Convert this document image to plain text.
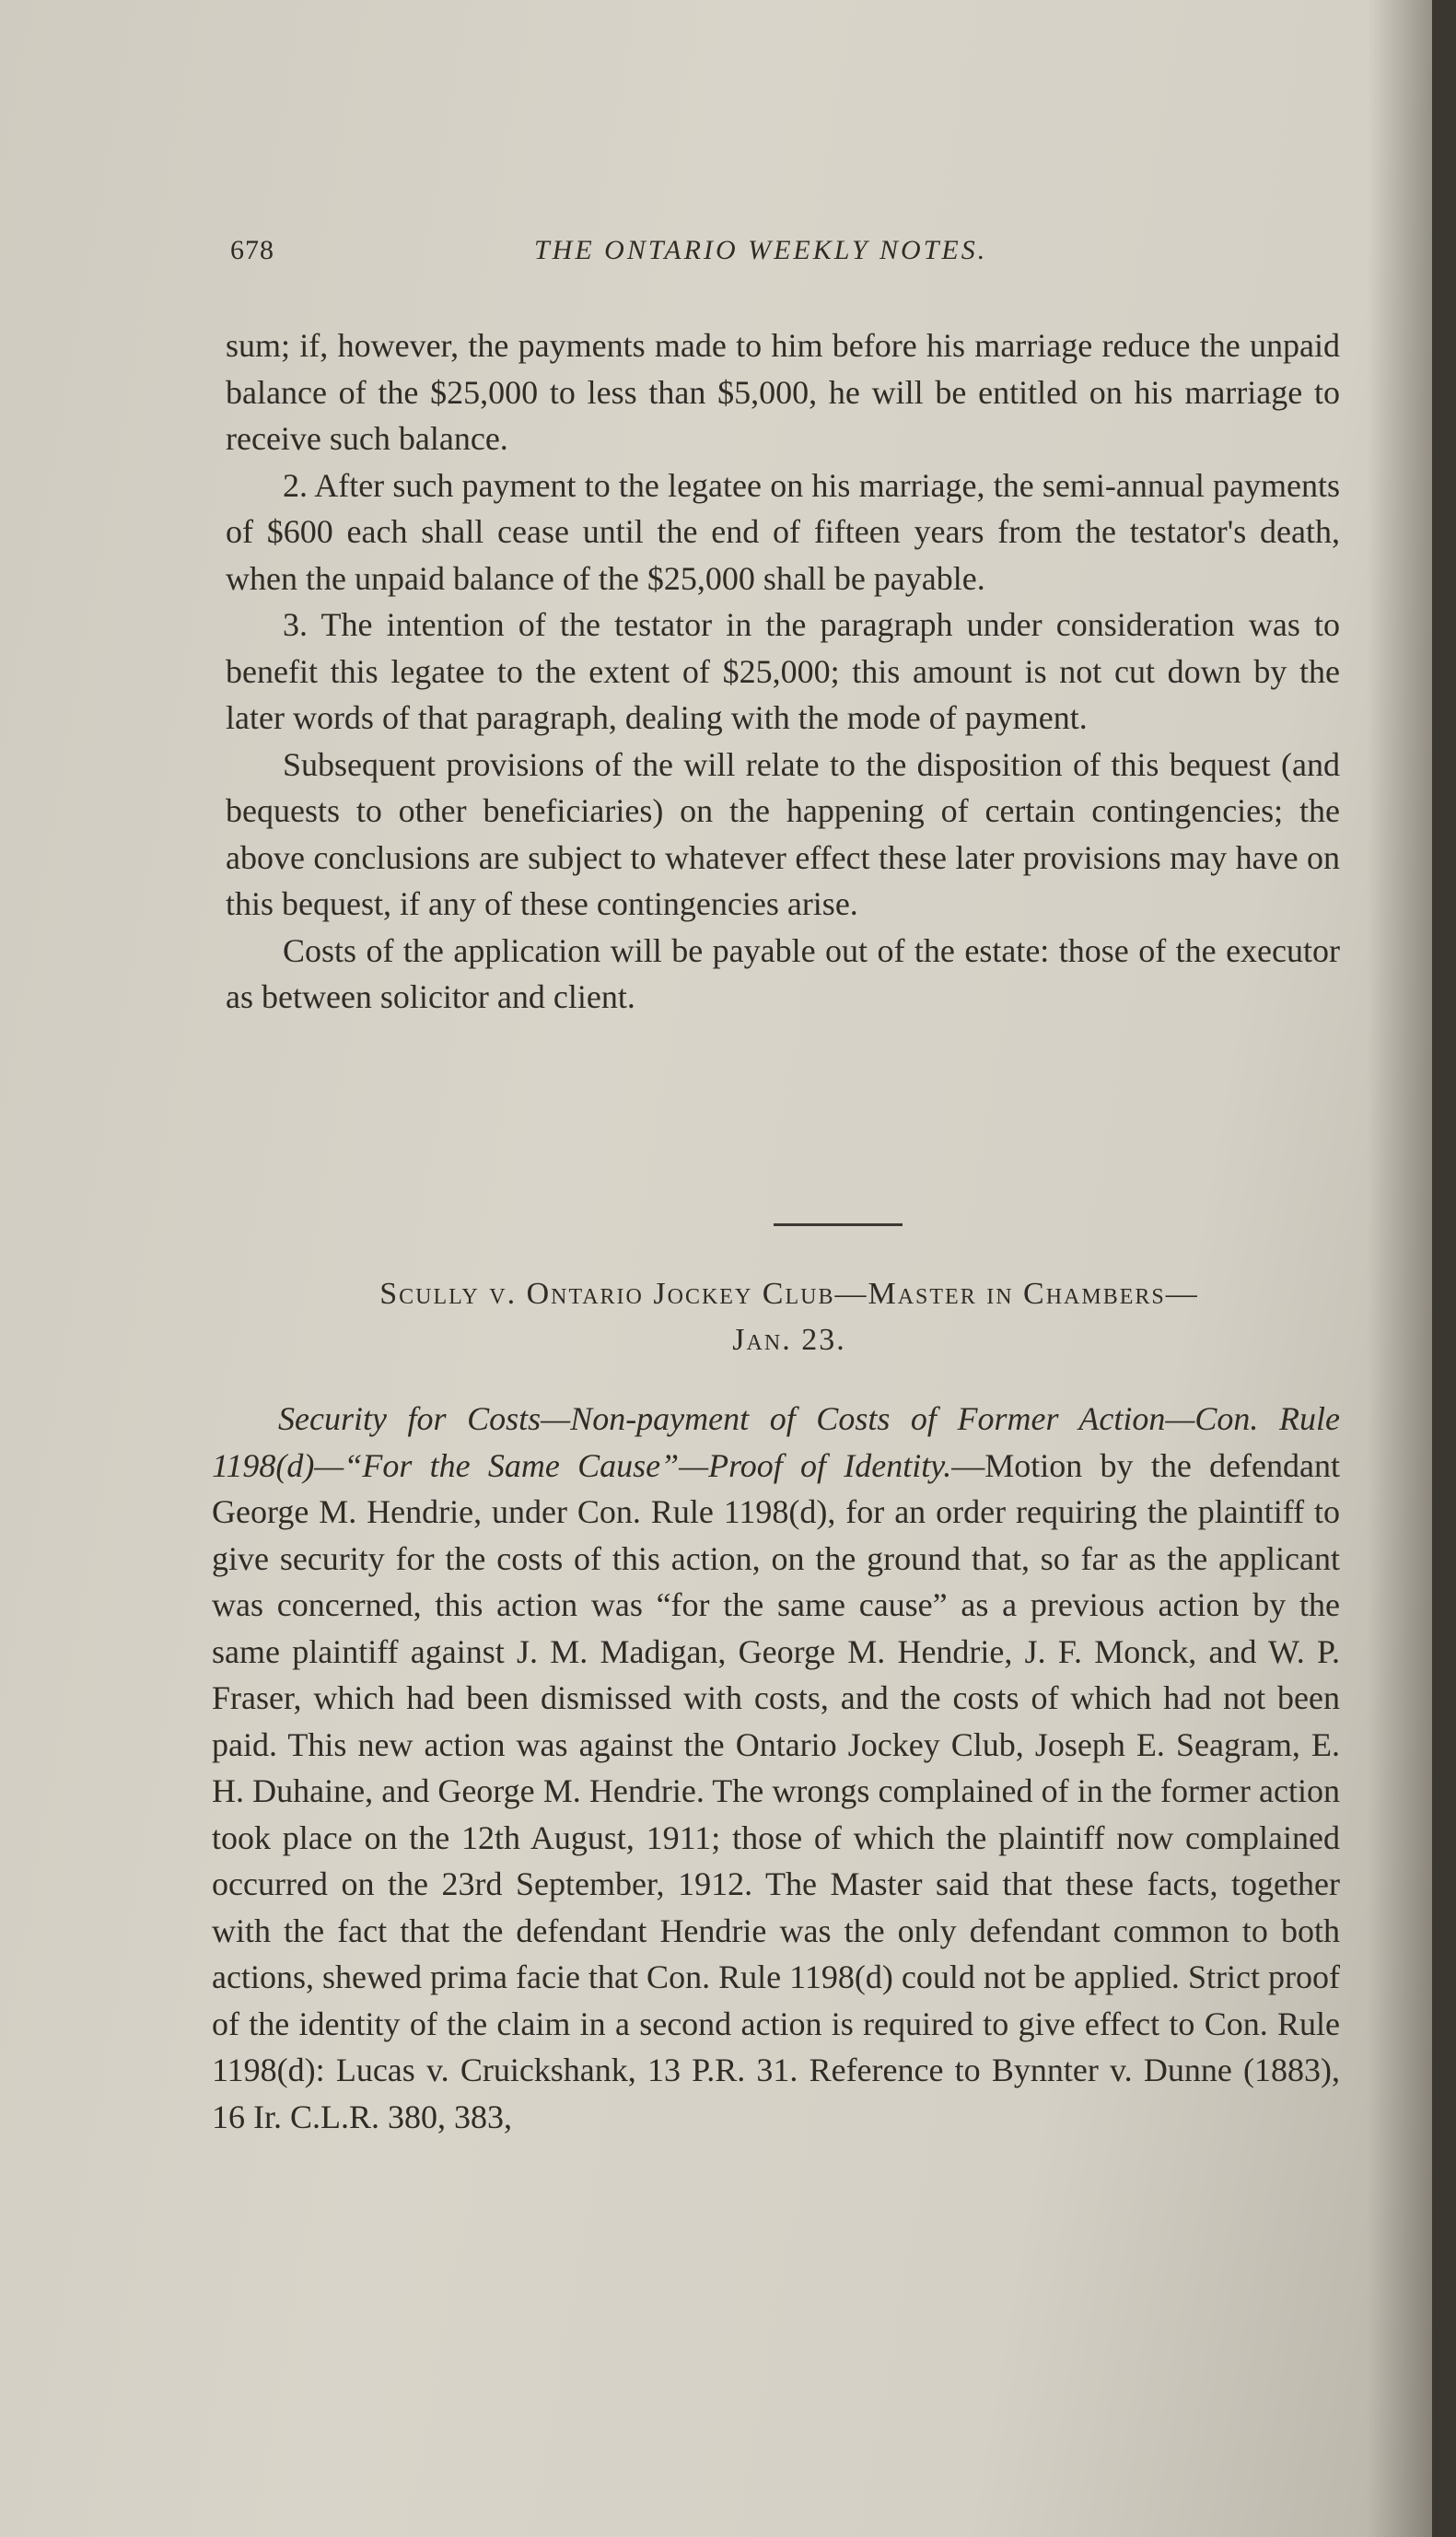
678	THE ONTARIO WEEKLY NOTES.

sum; if, however, the payments made to him before his marriage reduce the unpaid balance of the $25,000 to less than $5,000, he will be entitled on his marriage to receive such balance.

2. After such payment to the legatee on his marriage, the semi-annual payments of $600 each shall cease until the end of fifteen years from the testator's death, when the unpaid balance of the $25,000 shall be payable.

3. The intention of the testator in the paragraph under consideration was to benefit this legatee to the extent of $25,000; this amount is not cut down by the later words of that paragraph, dealing with the mode of payment.

Subsequent provisions of the will relate to the disposition of this bequest (and bequests to other beneficiaries) on the happening of certain contingencies; the above conclusions are subject to whatever effect these later provisions may have on this bequest, if any of these contingencies arise.

Costs of the application will be payable out of the estate: those of the executor as between solicitor and client.

Scully v. Ontario Jockey Club—Master in Chambers—
Jan. 23.

Security for Costs—Non-payment of Costs of Former Action—Con. Rule 1198(d)—“For the Same Cause”—Proof of Identity.—Motion by the defendant George M. Hendrie, under Con. Rule 1198(d), for an order requiring the plaintiff to give security for the costs of this action, on the ground that, so far as the applicant was concerned, this action was “for the same cause” as a previous action by the same plaintiff against J. M. Madigan, George M. Hendrie, J. F. Monck, and W. P. Fraser, which had been dismissed with costs, and the costs of which had not been paid. This new action was against the Ontario Jockey Club, Joseph E. Seagram, E. H. Duhaine, and George M. Hendrie. The wrongs complained of in the former action took place on the 12th August, 1911; those of which the plaintiff now complained occurred on the 23rd September, 1912. The Master said that these facts, together with the fact that the defendant Hendrie was the only defendant common to both actions, shewed prima facie that Con. Rule 1198(d) could not be applied. Strict proof of the identity of the claim in a second action is required to give effect to Con. Rule 1198(d): Lucas v. Cruickshank, 13 P.R. 31. Reference to Bynnter v. Dunne (1883), 16 Ir. C.L.R. 380, 383,
